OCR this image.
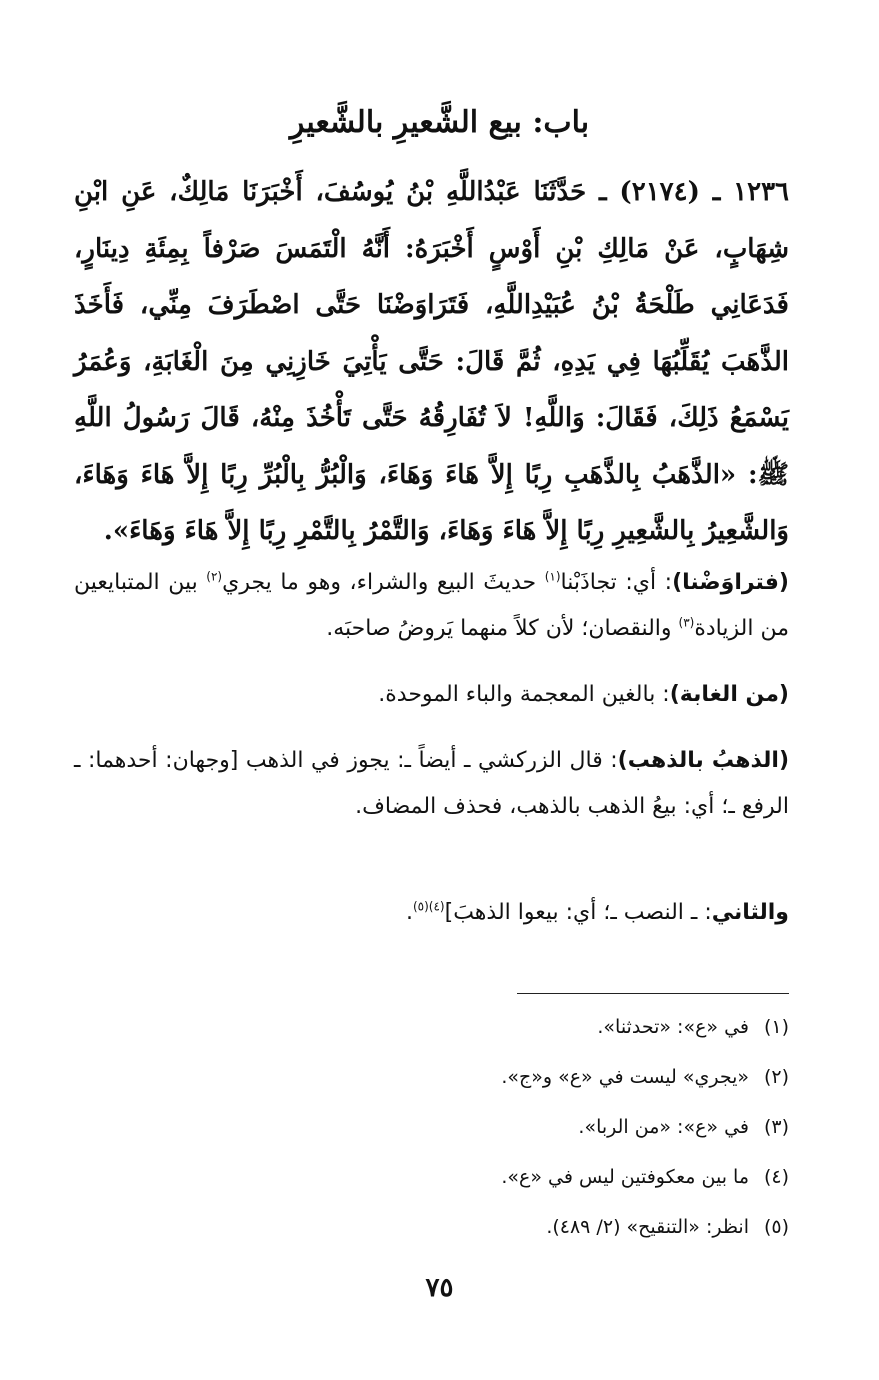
باب: بيع الشَّعيرِ بالشَّعيرِ

١٢٣٦ ـ (٢١٧٤) ـ حَدَّثَنَا عَبْدُاللَّهِ بْنُ يُوسُفَ، أَخْبَرَنَا مَالِكٌ، عَنِ ابْنِ شِهَابٍ، عَنْ مَالِكِ بْنِ أَوْسٍ أَخْبَرَهُ: أَنَّهُ الْتَمَسَ صَرْفاً بِمِئَةِ دِينَارٍ، فَدَعَانِي طَلْحَةُ بْنُ عُبَيْدِاللَّهِ، فَتَرَاوَضْنَا حَتَّى اصْطَرَفَ مِنِّي، فَأَخَذَ الذَّهَبَ يُقَلِّبُهَا فِي يَدِهِ، ثُمَّ قَالَ: حَتَّى يَأْتِيَ خَازِنِي مِنَ الْغَابَةِ، وَعُمَرُ يَسْمَعُ ذَلِكَ، فَقَالَ: وَاللَّهِ! لاَ تُفَارِقُهُ حَتَّى تَأْخُذَ مِنْهُ، قَالَ رَسُولُ اللَّهِ ﷺ: «الذَّهَبُ بِالذَّهَبِ رِبًا إِلاَّ هَاءَ وَهَاءَ، وَالْبُرُّ بِالْبُرِّ رِبًا إِلاَّ هَاءَ وَهَاءَ، وَالشَّعِيرُ بِالشَّعِيرِ رِبًا إِلاَّ هَاءَ وَهَاءَ، وَالتَّمْرُ بِالتَّمْرِ رِبًا إِلاَّ هَاءَ وَهَاءَ».

(فتراوَضْنا): أي: تجاذَبْنا$^{(١)}$ حديثَ البيع والشراء، وهو ما يجري$^{(٢)}$ بين المتبايعين من الزيادة$^{(٣)}$ والنقصان؛ لأن كلاً منهما يَروضُ صاحبَه.

(من الغابة): بالغين المعجمة والباء الموحدة.

(الذهبُ بالذهب): قال الزركشي ـ أيضاً ـ: يجوز في الذهب [وجهان: أحدهما: ـ الرفع ـ؛ أي: بيعُ الذهب بالذهب، فحذف المضاف.

والثاني: ـ النصب ـ؛ أي: بيعوا الذهبَ]$^{(٤)(٥)}$.

(١)في «ع»: «تحدثنا».
(٢)«يجري» ليست في «ع» و«ج».
(٣)في «ع»: «من الربا».
(٤)ما بين معكوفتين ليس في «ع».
(٥)انظر: «التنقيح» (٢/ ٤٨٩).
٧٥
